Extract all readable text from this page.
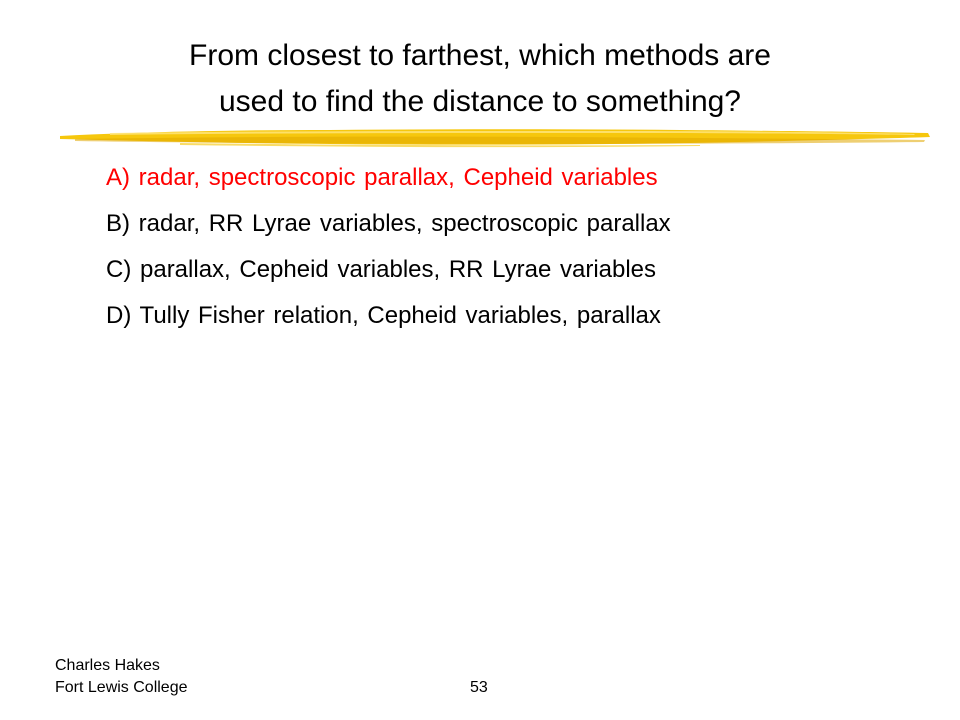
From closest to farthest, which methods are
used to find the distance to something?
A) radar, spectroscopic parallax, Cepheid variables
B) radar, RR Lyrae variables, spectroscopic parallax
C) parallax, Cepheid variables, RR Lyrae variables
D) Tully Fisher relation, Cepheid variables, parallax
Charles Hakes
Fort Lewis College	53
